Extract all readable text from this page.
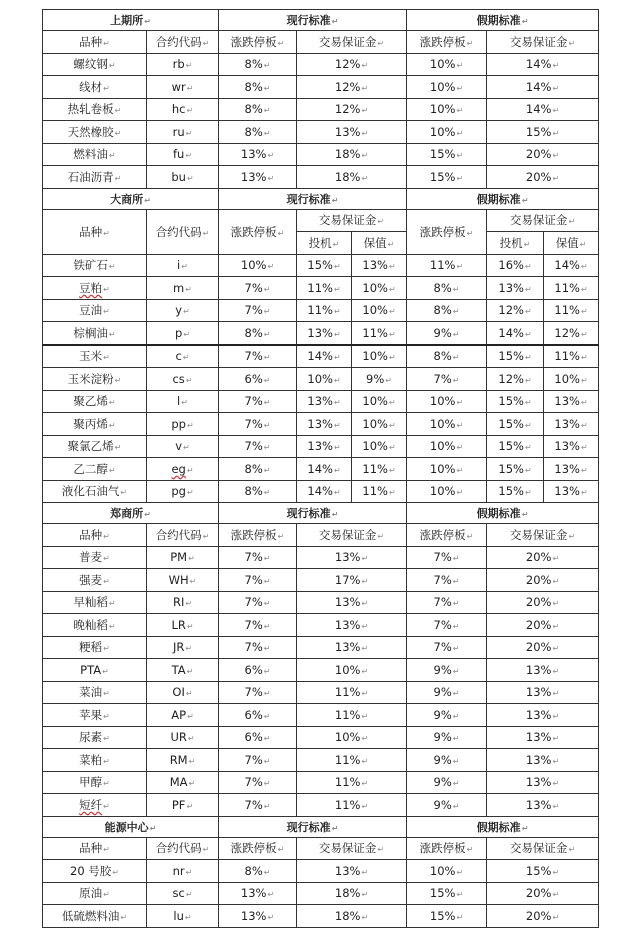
上期所↵		现行标准↵			假期标准↵		
品种↵	合约代码↵	涨跌停板↵	交易保证金↵		涨跌停板↵	交易保证金↵	
螺纹钢↵	rb↵	8%↵	12%↵		10%↵	14%↵	
线材↵	wr↵	8%↵	12%↵		10%↵	14%↵	
热轧卷板↵	hc↵	8%↵	12%↵		10%↵	14%↵	
天然橡胶↵	ru↵	8%↵	13%↵		10%↵	15%↵	
燃料油↵	fu↵	13%↵	18%↵		15%↵	20%↵	
石油沥青↵	bu↵	13%↵	18%↵		15%↵	20%↵	
大商所↵		现行标准↵			假期标准↵		
品种↵	合约代码↵	涨跌停板↵	交易保证金↵		涨跌停板↵	交易保证金↵	
			投机↵	保值↵		投机↵	保值↵
铁矿石↵	i↵	10%↵	15%↵	13%↵	11%↵	16%↵	14%↵
豆粕↵	m↵	7%↵	11%↵	10%↵	8%↵	13%↵	11%↵
豆油↵	y↵	7%↵	11%↵	10%↵	8%↵	12%↵	11%↵
棕榈油↵	p↵	8%↵	13%↵	11%↵	9%↵	14%↵	12%↵
玉米↵	c↵	7%↵	14%↵	10%↵	8%↵	15%↵	11%↵
玉米淀粉↵	cs↵	6%↵	10%↵	9%↵	7%↵	12%↵	10%↵
聚乙烯↵	l↵	7%↵	13%↵	10%↵	10%↵	15%↵	13%↵
聚丙烯↵	pp↵	7%↵	13%↵	10%↵	10%↵	15%↵	13%↵
聚氯乙烯↵	v↵	7%↵	13%↵	10%↵	10%↵	15%↵	13%↵
乙二醇↵	eg↵	8%↵	14%↵	11%↵	10%↵	15%↵	13%↵
液化石油气↵	pg↵	8%↵	14%↵	11%↵	10%↵	15%↵	13%↵
郑商所↵		现行标准↵			假期标准↵		
品种↵	合约代码↵	涨跌停板↵	交易保证金↵		涨跌停板↵	交易保证金↵	
普麦↵	PM↵	7%↵	13%↵		7%↵	20%↵	
强麦↵	WH↵	7%↵	17%↵		7%↵	20%↵	
早籼稻↵	RI↵	7%↵	13%↵		7%↵	20%↵	
晚籼稻↵	LR↵	7%↵	13%↵		7%↵	20%↵	
粳稻↵	JR↵	7%↵	13%↵		7%↵	20%↵	
PTA↵	TA↵	6%↵	10%↵		9%↵	13%↵	
菜油↵	OI↵	7%↵	11%↵		9%↵	13%↵	
苹果↵	AP↵	6%↵	11%↵		9%↵	13%↵	
尿素↵	UR↵	6%↵	10%↵		9%↵	13%↵	
菜粕↵	RM↵	7%↵	11%↵		9%↵	13%↵	
甲醇↵	MA↵	7%↵	11%↵		9%↵	13%↵	
短纤↵	PF↵	7%↵	11%↵		9%↵	13%↵	
能源中心↵		现行标准↵			假期标准↵		
品种↵	合约代码↵	涨跌停板↵	交易保证金↵		涨跌停板↵	交易保证金↵	
20 号胶↵	nr↵	8%↵	13%↵		10%↵	15%↵	
原油↵	sc↵	13%↵	18%↵		15%↵	20%↵	
低硫燃料油↵	lu↵	13%↵	18%↵		15%↵	20%↵	
